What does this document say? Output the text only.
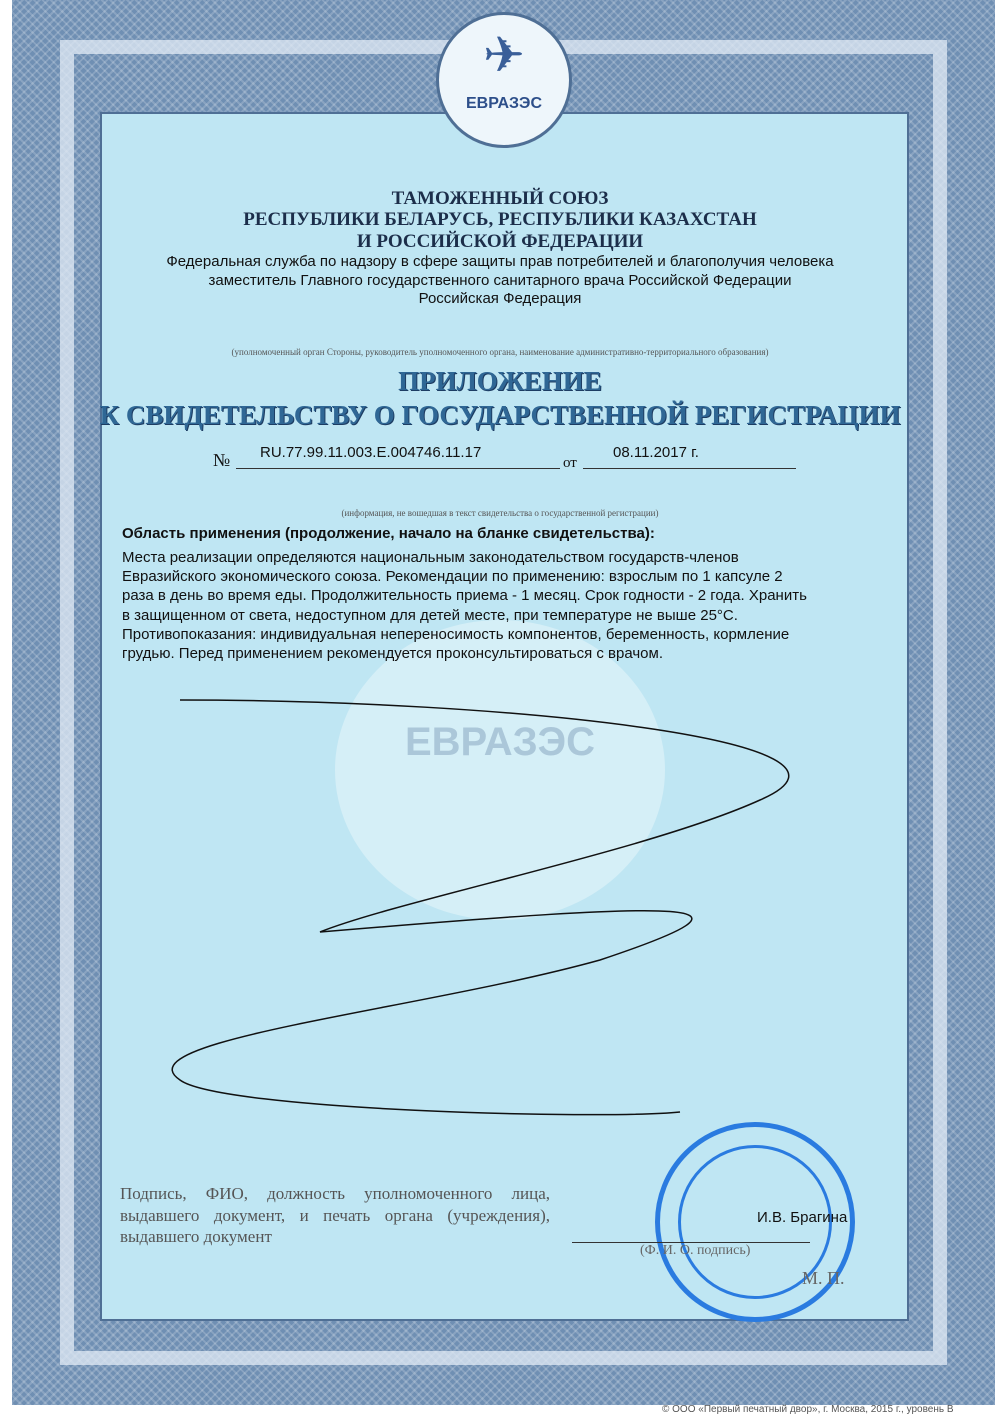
ЕВРАЗЭС
✈
ЕВРАЗЭС
ТАМОЖЕННЫЙ СОЮЗ
РЕСПУБЛИКИ БЕЛАРУСЬ, РЕСПУБЛИКИ КАЗАХСТАН
И РОССИЙСКОЙ ФЕДЕРАЦИИ
Федеральная служба по надзору в сфере защиты прав потребителей и благополучия человека
заместитель Главного государственного санитарного врача Российской Федерации
Российская Федерация
(уполномоченный орган Стороны, руководитель уполномоченного органа, наименование административно-территориального образования)
ПРИЛОЖЕНИЕ
К СВИДЕТЕЛЬСТВУ О ГОСУДАРСТВЕННОЙ РЕГИСТРАЦИИ
№ RU.77.99.11.003.E.004746.11.17
от
08.11.2017 г.
(информация, не вошедшая в текст свидетельства о государственной регистрации)
Область применения (продолжение, начало на бланке свидетельства):
Места реализации определяются национальным законодательством государств-членов
Евразийского экономического союза. Рекомендации по применению: взрослым по 1 капсуле 2
раза в день во время еды. Продолжительность приема - 1 месяц. Срок годности - 2 года. Хранить
в защищенном от света, недоступном для детей месте, при температуре не выше 25°С.
Противопоказания: индивидуальная непереносимость компонентов, беременность, кормление
грудью. Перед применением рекомендуется проконсультироваться с врачом.
Подпись, ФИО, должность уполномоченного лица, выдавшего документ, и печать органа (учреждения), выдавшего документ
И.В. Брагина
(Ф. И. О. подпись)
М. П.
© ООО «Первый печатный двор», г. Москва, 2015 г., уровень В
